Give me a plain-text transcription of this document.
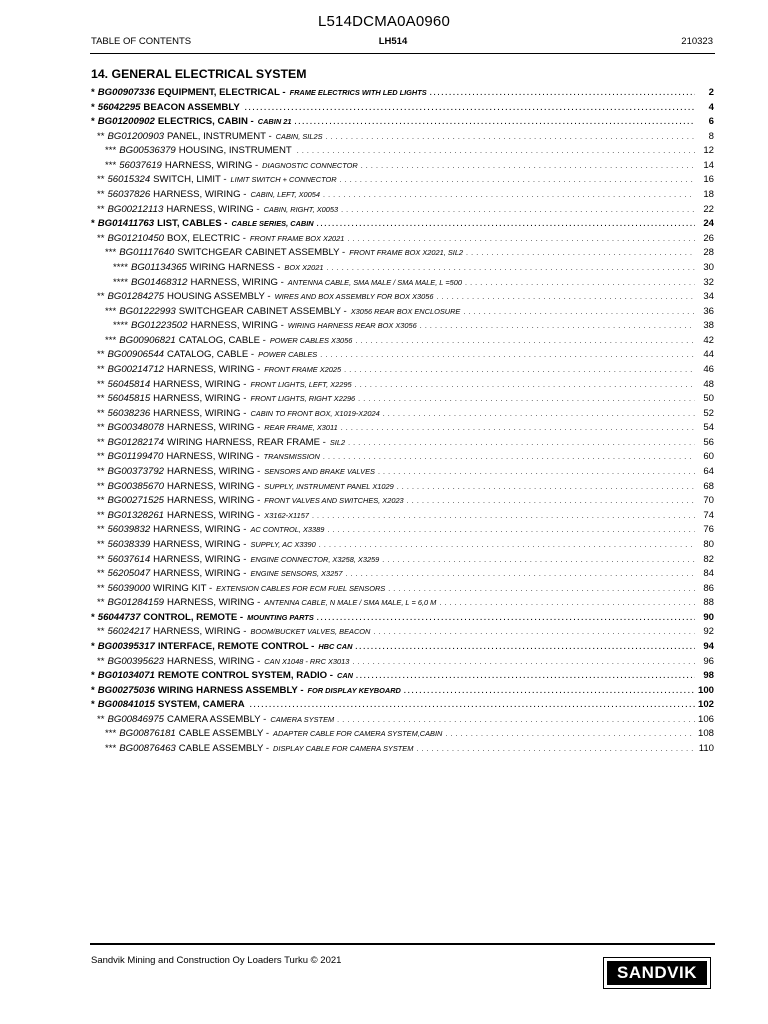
L514DCMA0A0960
TABLE OF CONTENTS	LH514	210323
14. GENERAL ELECTRICAL SYSTEM
* BG00907336 EQUIPMENT, ELECTRICAL - FRAME ELECTRICS WITH LED LIGHTS . . .	2
* 56042295 BEACON ASSEMBLY . . .	4
* BG01200902 ELECTRICS, CABIN - CABIN 21 . . .	6
** BG01200903 PANEL, INSTRUMENT - CABIN, SIL2S . . .	8
*** BG00536379 HOUSING, INSTRUMENT . . .	12
*** 56037619 HARNESS, WIRING - DIAGNOSTIC CONNECTOR . . .	14
** 56015324 SWITCH, LIMIT - LIMIT SWITCH + CONNECTOR . . .	16
** 56037826 HARNESS, WIRING - CABIN, LEFT, X0054 . . .	18
** BG00212113 HARNESS, WIRING - CABIN, RIGHT, X0053 . . .	22
* BG01411763 LIST, CABLES - CABLE SERIES, CABIN . . .	24
** BG01210450 BOX, ELECTRIC - FRONT FRAME BOX X2021 . . .	26
*** BG01117640 SWITCHGEAR CABINET ASSEMBLY - FRONT FRAME BOX X2021, SIL2 . . .	28
**** BG01134365 WIRING HARNESS - BOX X2021 . . .	30
**** BG01468312 HARNESS, WIRING - ANTENNA CABLE, SMA MALE / SMA MALE, L =500 . . .	32
** BG01284275 HOUSING ASSEMBLY - WIRES AND BOX ASSEMBLY FOR BOX X3056 . . .	34
*** BG01222993 SWITCHGEAR CABINET ASSEMBLY - X3056 REAR BOX ENCLOSURE . . .	36
**** BG01223502 HARNESS, WIRING - WIRING HARNESS REAR BOX X3056 . . .	38
*** BG00906821 CATALOG, CABLE - POWER CABLES X3056 . . .	42
** BG00906544 CATALOG, CABLE - POWER CABLES . . .	44
** BG00214712 HARNESS, WIRING - FRONT FRAME X2025 . . .	46
** 56045814 HARNESS, WIRING - FRONT LIGHTS, LEFT, X2295 . . .	48
** 56045815 HARNESS, WIRING - FRONT LIGHTS, RIGHT X2296 . . .	50
** 56038236 HARNESS, WIRING - CABIN TO FRONT BOX, X1019-X2024 . . .	52
** BG00348078 HARNESS, WIRING - REAR FRAME, X3011 . . .	54
** BG01282174 WIRING HARNESS, REAR FRAME - SIL2 . . .	56
** BG01199470 HARNESS, WIRING - TRANSMISSION . . .	60
** BG00373792 HARNESS, WIRING - SENSORS AND BRAKE VALVES . . .	64
** BG00385670 HARNESS, WIRING - SUPPLY, INSTRUMENT PANEL X1029 . . .	68
** BG00271525 HARNESS, WIRING - FRONT VALVES AND SWITCHES, X2023 . . .	70
** BG01328261 HARNESS, WIRING - X3162-X1157 . . .	74
** 56039832 HARNESS, WIRING - AC CONTROL, X3389 . . .	76
** 56038339 HARNESS, WIRING - SUPPLY, AC X3390 . . .	80
** 56037614 HARNESS, WIRING - ENGINE CONNECTOR, X3258, X3259 . . .	82
** 56205047 HARNESS, WIRING - ENGINE SENSORS, X3257 . . .	84
** 56039000 WIRING KIT - EXTENSION CABLES FOR ECM FUEL SENSORS . . .	86
** BG01284159 HARNESS, WIRING - ANTENNA CABLE, N MALE / SMA MALE, L = 6,0 M . . .	88
* 56044737 CONTROL, REMOTE - MOUNTING PARTS . . .	90
** 56024217 HARNESS, WIRING - BOOM/BUCKET VALVES, BEACON . . .	92
* BG00395317 INTERFACE, REMOTE CONTROL - HBC CAN . . .	94
** BG00395623 HARNESS, WIRING - CAN X1048 - RRC X3013 . . .	96
* BG01034071 REMOTE CONTROL SYSTEM, RADIO - CAN . . .	98
* BG00275036 WIRING HARNESS ASSEMBLY - FOR DISPLAY KEYBOARD . . .	100
* BG00841015 SYSTEM, CAMERA . . .	102
** BG00846975 CAMERA ASSEMBLY - CAMERA SYSTEM . . .	106
*** BG00876181 CABLE ASSEMBLY - ADAPTER CABLE FOR CAMERA SYSTEM,CABIN . . .	108
*** BG00876463 CABLE ASSEMBLY - DISPLAY CABLE FOR CAMERA SYSTEM . . .	110
Sandvik Mining and Construction Oy Loaders Turku © 2021
SANDVIK
